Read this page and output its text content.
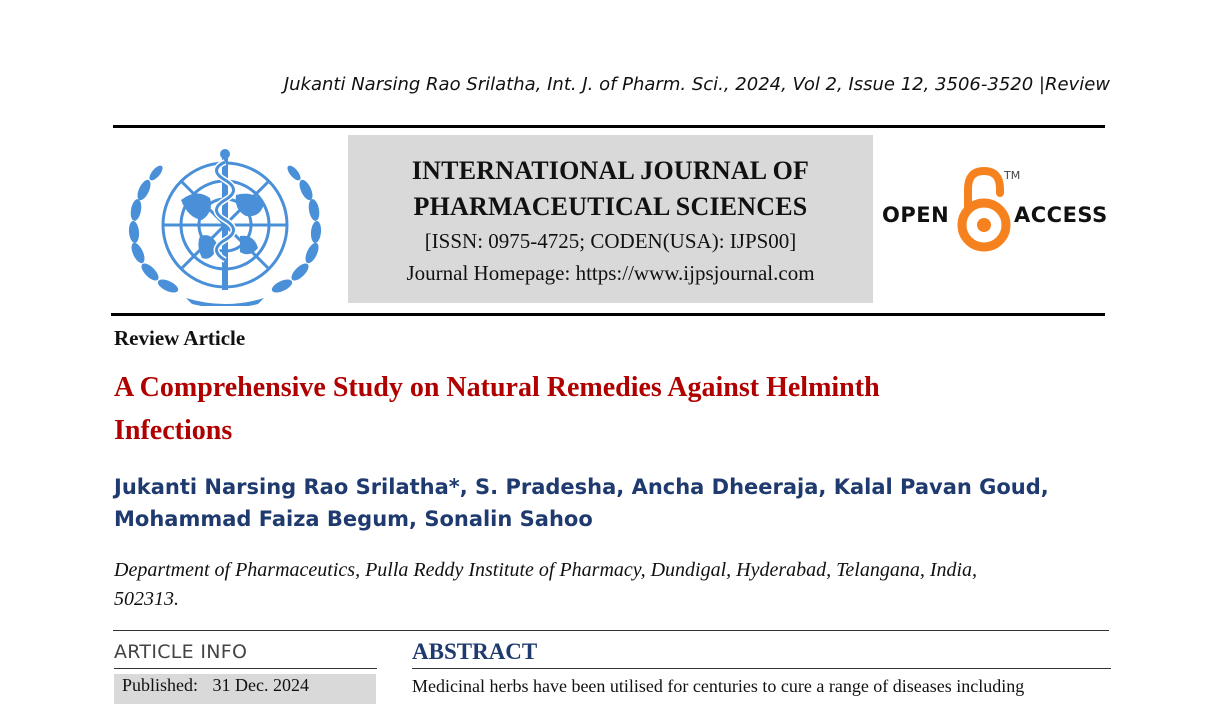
Jukanti Narsing Rao Srilatha, Int. J. of Pharm. Sci., 2024, Vol 2, Issue 12, 3506-3520 |Review
INTERNATIONAL JOURNAL OF
PHARMACEUTICAL SCIENCES
[ISSN: 0975-4725; CODEN(USA): IJPS00]
Journal Homepage: https://www.ijpsjournal.com
OPEN
TM
ACCESS
Review Article
A Comprehensive Study on Natural Remedies Against Helminth
Infections
Jukanti Narsing Rao Srilatha*, S. Pradesha, Ancha Dheeraja, Kalal Pavan Goud,
Mohammad Faiza Begum, Sonalin Sahoo
Department of Pharmaceutics, Pulla Reddy Institute of Pharmacy, Dundigal, Hyderabad, Telangana, India,
502313.
ARTICLE INFO
Published: 31 Dec. 2024
ABSTRACT
Medicinal herbs have been utilised for centuries to cure a range of diseases including
